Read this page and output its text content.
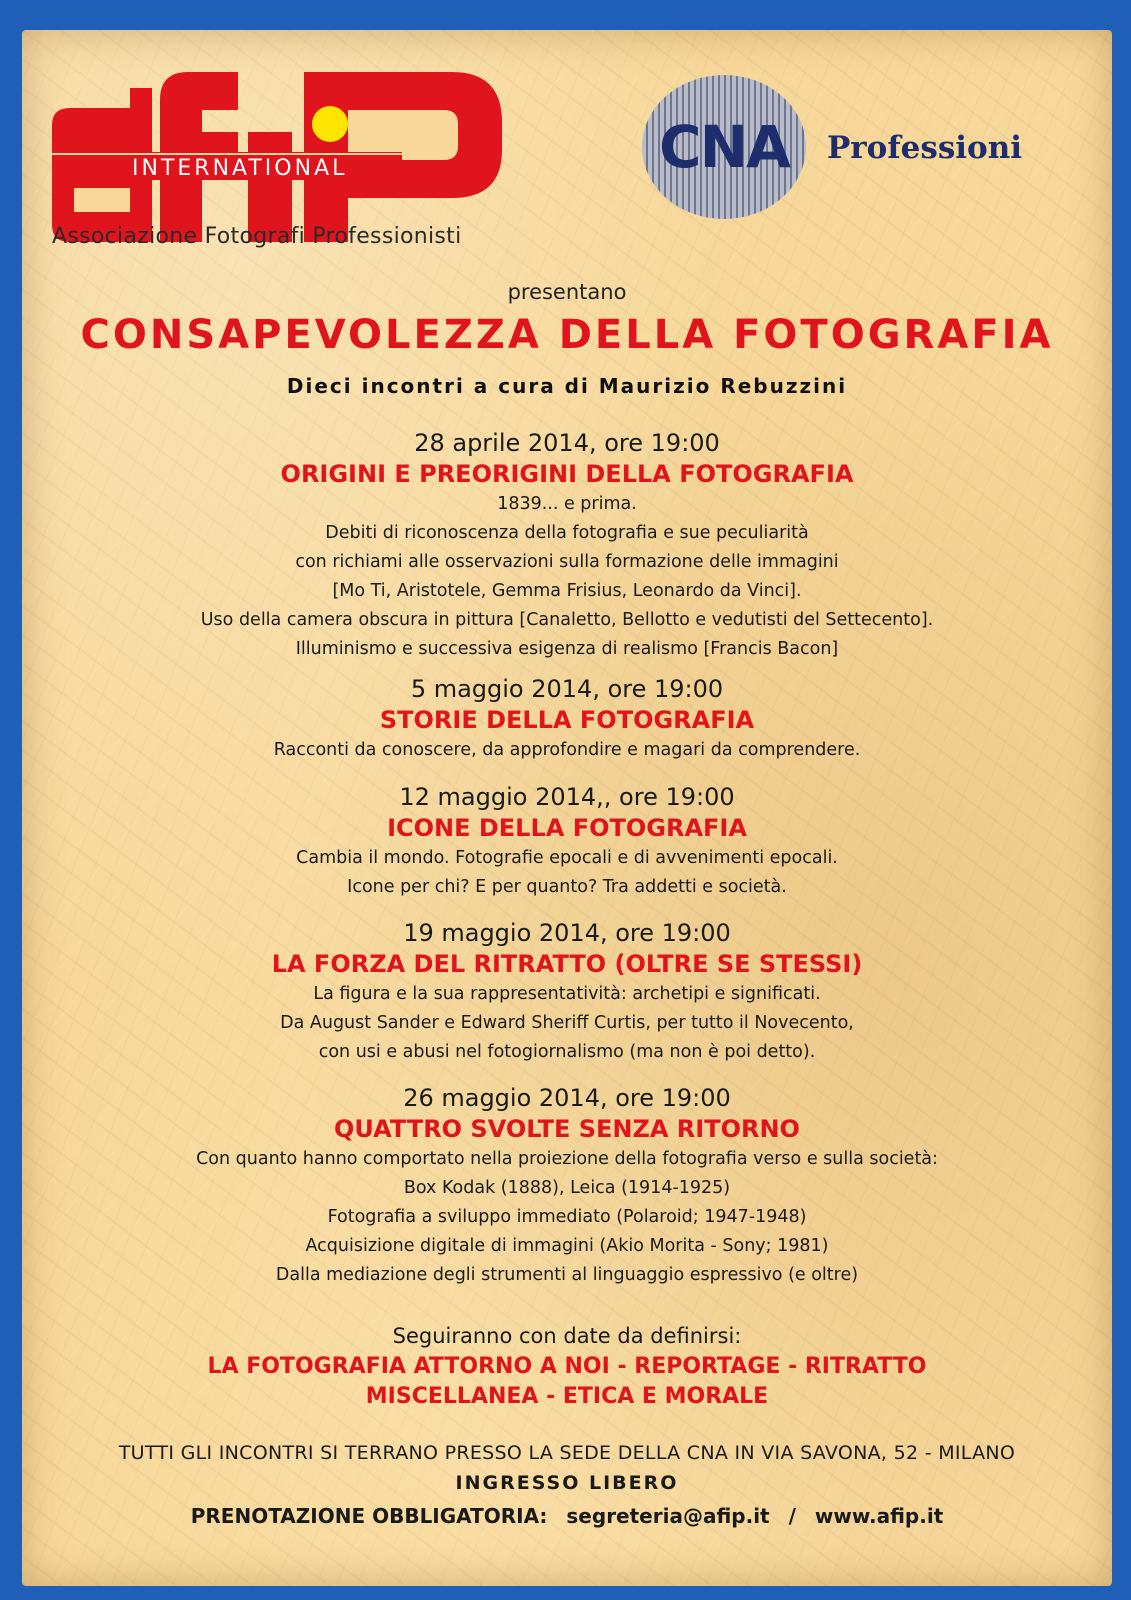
INTERNATIONAL
Associazione Fotografi Professionisti
CNA Professioni
presentano
CONSAPEVOLEZZA DELLA FOTOGRAFIA
Dieci incontri a cura di Maurizio Rebuzzini
28 aprile 2014, ore 19:00
ORIGINI E PREORIGINI DELLA FOTOGRAFIA
1839... e prima.
Debiti di riconoscenza della fotografia e sue peculiarità
con richiami alle osservazioni sulla formazione delle immagini
[Mo Ti, Aristotele, Gemma Frisius, Leonardo da Vinci].
Uso della camera obscura in pittura [Canaletto, Bellotto e vedutisti del Settecento].
Illuminismo e successiva esigenza di realismo [Francis Bacon]
5 maggio 2014, ore 19:00
STORIE DELLA FOTOGRAFIA
Racconti da conoscere, da approfondire e magari da comprendere.
12 maggio 2014,, ore 19:00
ICONE DELLA FOTOGRAFIA
Cambia il mondo. Fotografie epocali e di avvenimenti epocali.
Icone per chi? E per quanto? Tra addetti e società.
19 maggio 2014, ore 19:00
LA FORZA DEL RITRATTO (OLTRE SE STESSI)
La figura e la sua rappresentatività: archetipi e significati.
Da August Sander e Edward Sheriff Curtis, per tutto il Novecento,
con usi e abusi nel fotogiornalismo (ma non è poi detto).
26 maggio 2014, ore 19:00
QUATTRO SVOLTE SENZA RITORNO
Con quanto hanno comportato nella proiezione della fotografia verso e sulla società:
Box Kodak (1888), Leica (1914-1925)
Fotografia a sviluppo immediato (Polaroid; 1947-1948)
Acquisizione digitale di immagini (Akio Morita - Sony; 1981)
Dalla mediazione degli strumenti al linguaggio espressivo (e oltre)
Seguiranno con date da definirsi:
LA FOTOGRAFIA ATTORNO A NOI - REPORTAGE - RITRATTO
MISCELLANEA - ETICA E MORALE
TUTTI GLI INCONTRI SI TERRANO PRESSO LA SEDE DELLA CNA IN VIA SAVONA, 52 - MILANO
INGRESSO LIBERO
PRENOTAZIONE OBBLIGATORIA: segreteria@afip.it / www.afip.it
